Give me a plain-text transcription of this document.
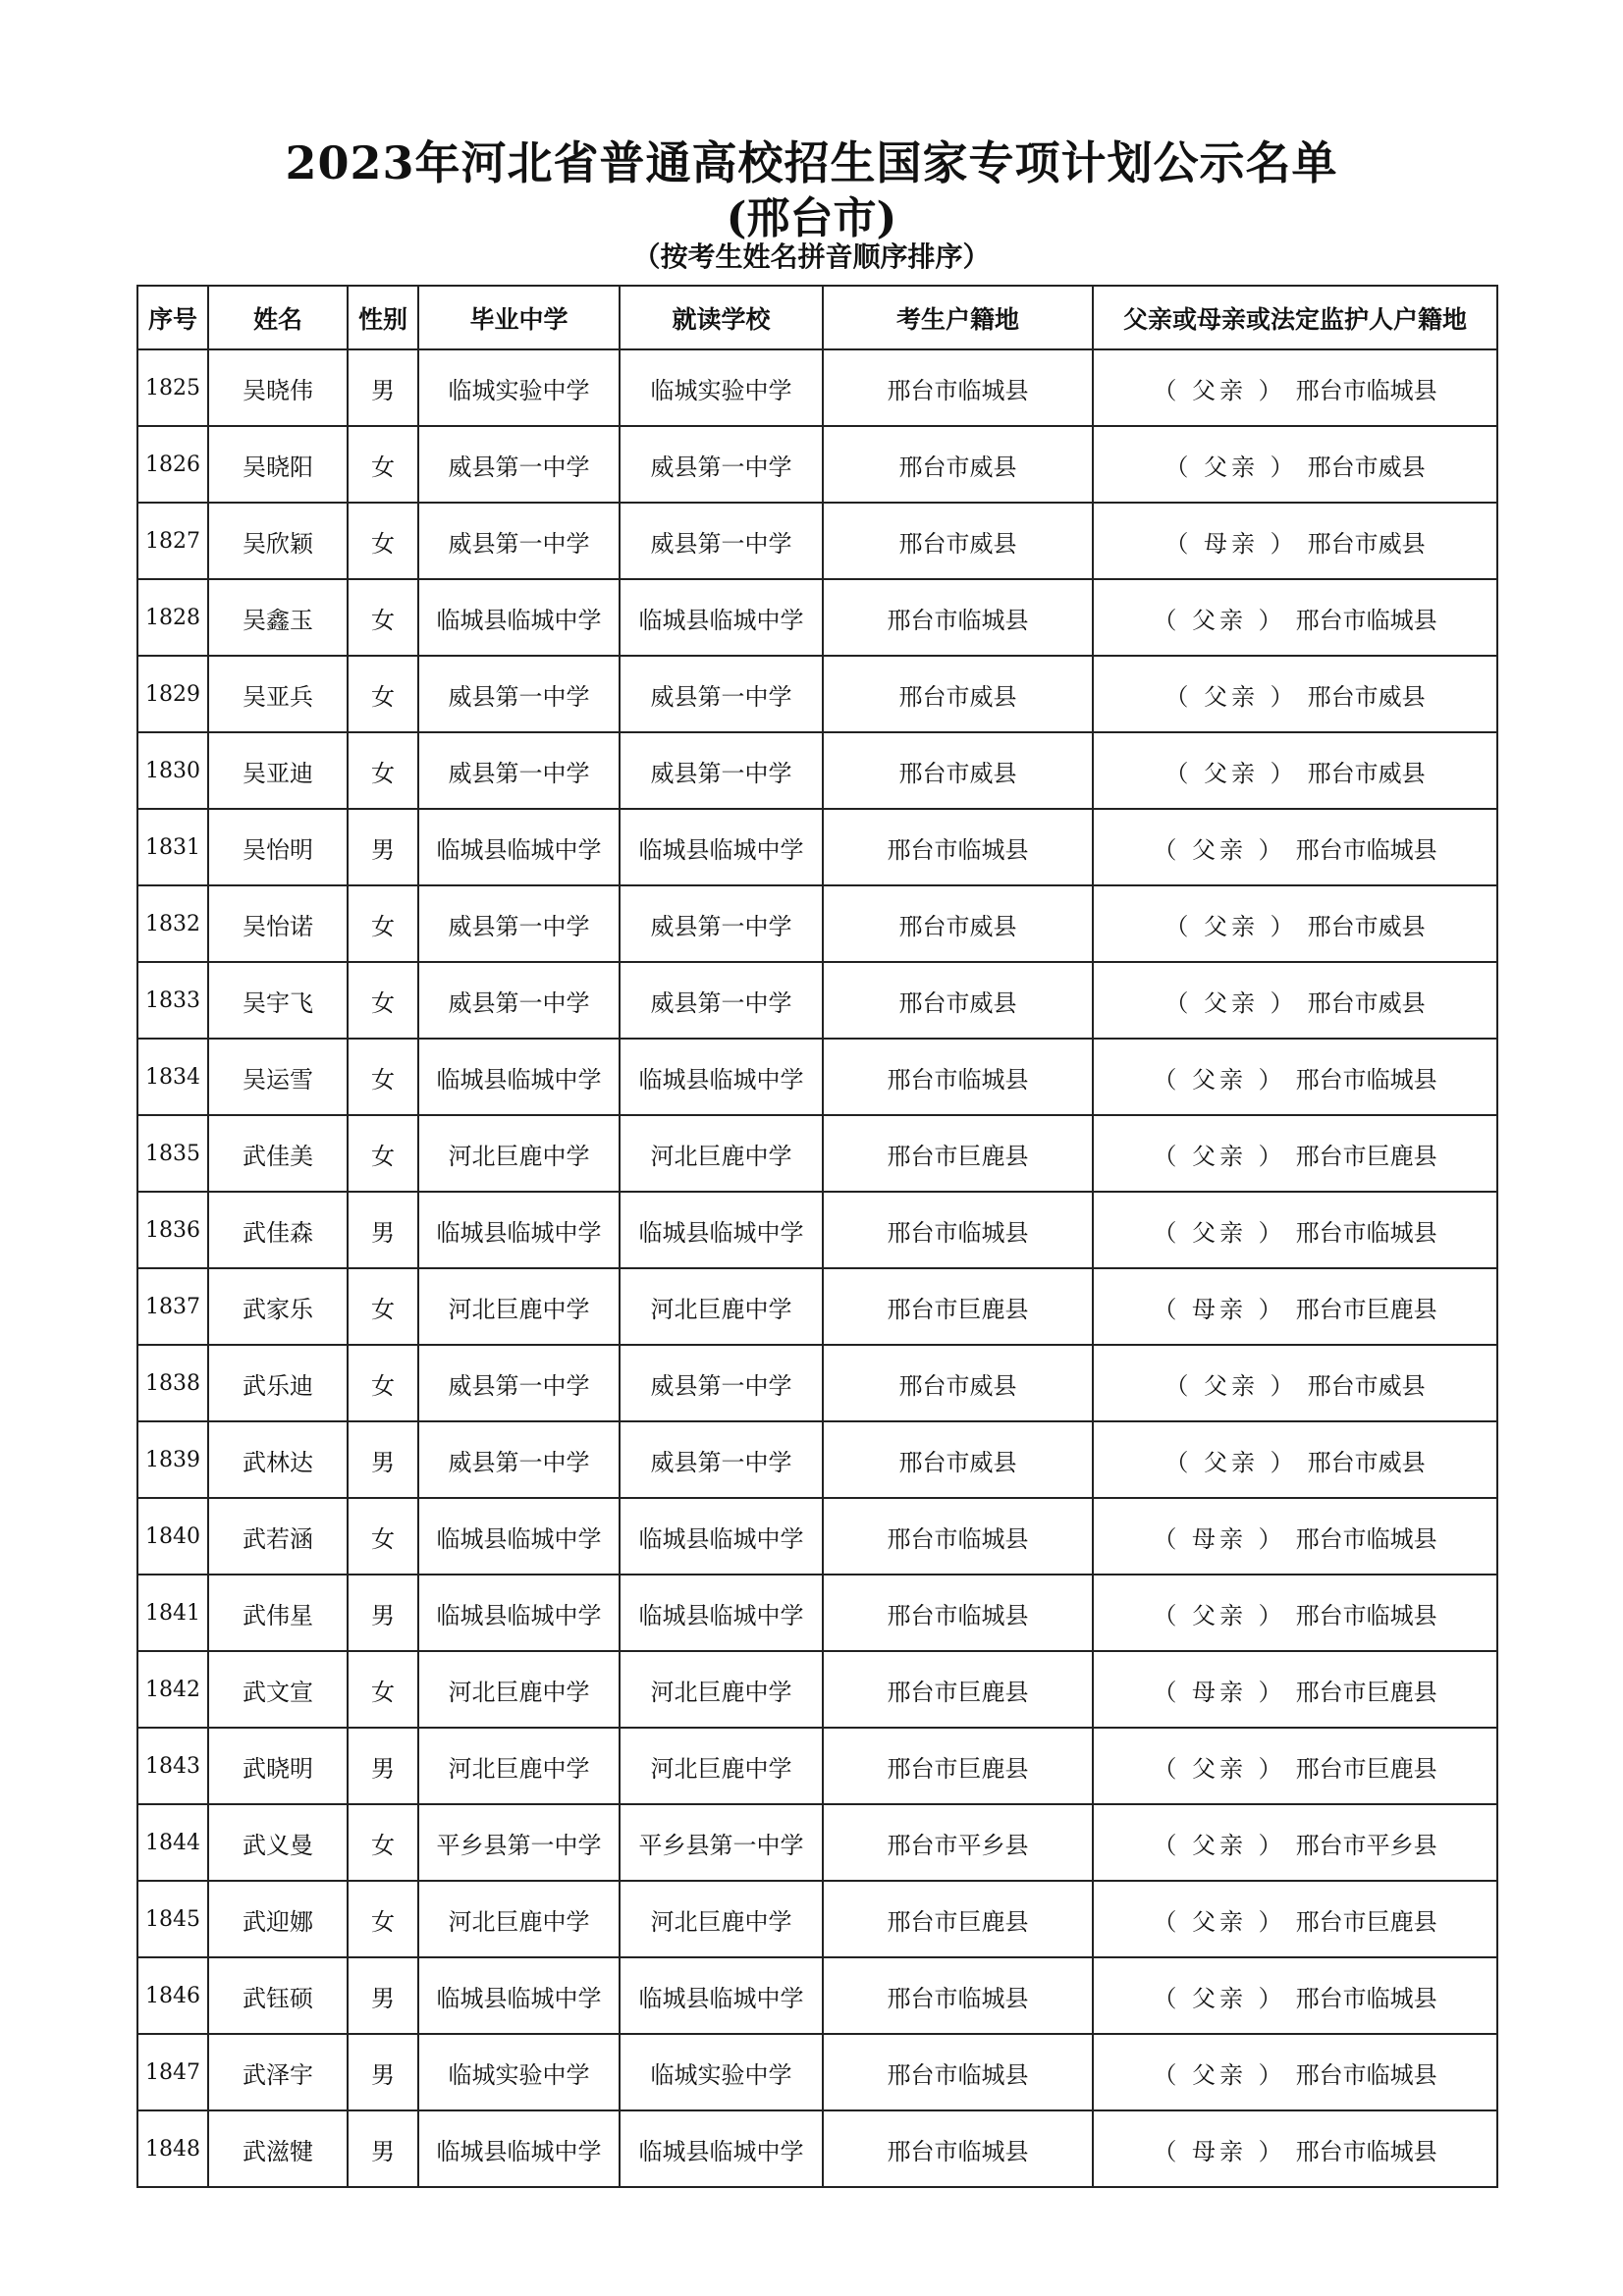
2023年河北省普通高校招生国家专项计划公示名单
(邢台市)
（按考生姓名拼音顺序排序）
序号	姓名	性别	毕业中学	就读学校	考生户籍地	父亲或母亲或法定监护人户籍地
1825	吴晓伟	男	临城实验中学	临城实验中学	邢台市临城县	（ 父亲 ） 邢台市临城县
1826	吴晓阳	女	威县第一中学	威县第一中学	邢台市威县	（ 父亲 ） 邢台市威县
1827	吴欣颖	女	威县第一中学	威县第一中学	邢台市威县	（ 母亲 ） 邢台市威县
1828	吴鑫玉	女	临城县临城中学	临城县临城中学	邢台市临城县	（ 父亲 ） 邢台市临城县
1829	吴亚兵	女	威县第一中学	威县第一中学	邢台市威县	（ 父亲 ） 邢台市威县
1830	吴亚迪	女	威县第一中学	威县第一中学	邢台市威县	（ 父亲 ） 邢台市威县
1831	吴怡明	男	临城县临城中学	临城县临城中学	邢台市临城县	（ 父亲 ） 邢台市临城县
1832	吴怡诺	女	威县第一中学	威县第一中学	邢台市威县	（ 父亲 ） 邢台市威县
1833	吴宇飞	女	威县第一中学	威县第一中学	邢台市威县	（ 父亲 ） 邢台市威县
1834	吴运雪	女	临城县临城中学	临城县临城中学	邢台市临城县	（ 父亲 ） 邢台市临城县
1835	武佳美	女	河北巨鹿中学	河北巨鹿中学	邢台市巨鹿县	（ 父亲 ） 邢台市巨鹿县
1836	武佳森	男	临城县临城中学	临城县临城中学	邢台市临城县	（ 父亲 ） 邢台市临城县
1837	武家乐	女	河北巨鹿中学	河北巨鹿中学	邢台市巨鹿县	（ 母亲 ） 邢台市巨鹿县
1838	武乐迪	女	威县第一中学	威县第一中学	邢台市威县	（ 父亲 ） 邢台市威县
1839	武林达	男	威县第一中学	威县第一中学	邢台市威县	（ 父亲 ） 邢台市威县
1840	武若涵	女	临城县临城中学	临城县临城中学	邢台市临城县	（ 母亲 ） 邢台市临城县
1841	武伟星	男	临城县临城中学	临城县临城中学	邢台市临城县	（ 父亲 ） 邢台市临城县
1842	武文宣	女	河北巨鹿中学	河北巨鹿中学	邢台市巨鹿县	（ 母亲 ） 邢台市巨鹿县
1843	武晓明	男	河北巨鹿中学	河北巨鹿中学	邢台市巨鹿县	（ 父亲 ） 邢台市巨鹿县
1844	武义曼	女	平乡县第一中学	平乡县第一中学	邢台市平乡县	（ 父亲 ） 邢台市平乡县
1845	武迎娜	女	河北巨鹿中学	河北巨鹿中学	邢台市巨鹿县	（ 父亲 ） 邢台市巨鹿县
1846	武钰硕	男	临城县临城中学	临城县临城中学	邢台市临城县	（ 父亲 ） 邢台市临城县
1847	武泽宇	男	临城实验中学	临城实验中学	邢台市临城县	（ 父亲 ） 邢台市临城县
1848	武滋犍	男	临城县临城中学	临城县临城中学	邢台市临城县	（ 母亲 ） 邢台市临城县
